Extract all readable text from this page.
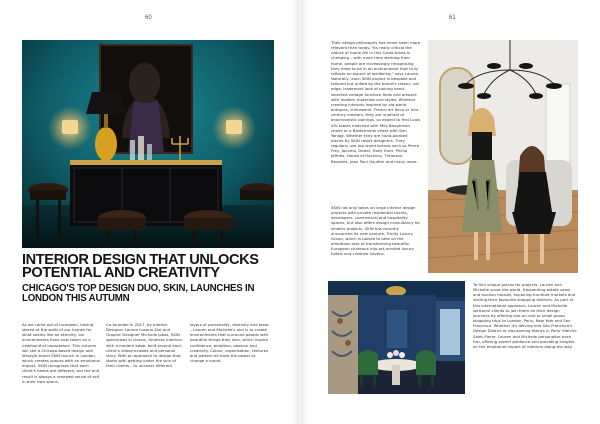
60
INTERIOR DESIGN THAT UNLOCKS POTENTIAL AND CREATIVITY
CHICAGO'S TOP DESIGN DUO, SKIN, LAUNCHES IN LONDON THIS AUTUMN

As we come out of lockdown, having stared at the walls of our homes for what seems like an eternity, our environments have now taken on a newfound of importance. This autumn will see a Chicago-based design and lifestyle brand SKIN launch in London, which creates spaces with an emotional impact. SKIN recognises that each client's needs are different, but the end result is always a renewed sense of self in their own space.

Co-founded in 2017, by Interior Designer Lauren Lozano Ziol and Graphic Designer Michelle Jokas, SKIN specialises in classic, timeless interiors with a modern edge, built around each client's idiosyncrasies and personal story. With an approach to design that starts with getting under the skin of their clients – to uncover different

layers of personality, diversity and taste – Lauren and Michelle's aim is to create environments that surround people with beautiful things they love, which inspire confidence, ambition, passion and creativity. Colour, organisation, textures and pattern all have the power to change a mood.

61

Their design philosophy has never been more relevant than today. "Its really critical the nature of home life in this Covid-times is changing – with more time working from home, people are increasingly recognising they need to be in an environment that truly reflects an aspect of wellbeing," says Lauren. Naturally, each SKIN project is bespoke and tailored but united by the brand's classic, set edge, trademark look of pairing hand-selected vintage furniture finds and artwork with modern materials and styles. Whether creating interiors inspired by old world antiques, chinoiserie, French art deco or mid-century masters, they are unafraid of anachronistic pairings, so expect to find Louis XIV tables matched with Milo Baughman chairs or a Biedermeier chest with Sori Yanagi. Whether they are hand-painted pieces by SKIN resort designers. They regularly use top world brands such as Pierre Frey, Jacomo, Dedar, Holly Hunt, Phillip Jeffries, House of Hackney, Timorous Beasties, Jean Paul Gaultier and many more.

SKIN not only takes on large interior design projects with private residential clients, developers, commercial and hospitality spaces, but also offers design consultancy for smaller projects. SKIN has recently announced its new venture, Trinity Luxury Group, which is poised to take on the ambitious task of transforming beautiful European chateaux into art-minded luxury hotels and creative havens.

To find unique pieces for projects, Lauren and Michelle scout the world, frequenting estate sales and auction houses, exploring furniture markets and visiting their favourite shopping districts. As part of this international approach, Lauren and Michelle welcome clients to join them on their design journeys by offering one-on-one or small group shopping trips to London, Paris, New York and San Francisco. Whether it's delving into San Francisco's Design District or discovering fabrics in Paris' Marche Saint-Pierre, Lauren and Michelle personalise each trip, offering expert guidance and providing insights on the emotional impact of interiors along the way.
